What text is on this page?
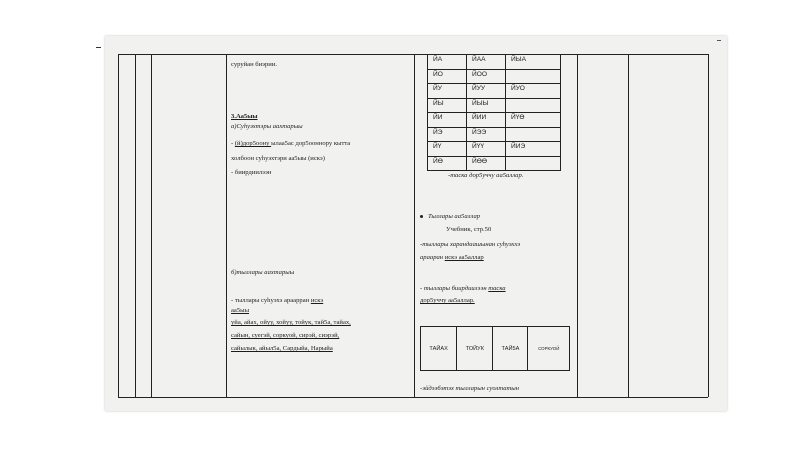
суруйан биэрии.
3.Аа5ыы
а)Суһуэхтэры аахтарыы
- (й)дор5оону ылаа5ас дор5ооннору кытта
холбоон суһуэхтэри аа5ыы (искэ)
- биирдиилээн
б)тыллары аахтарыы
- тыллары суһуэхэ араарран искэ
аа5ыы
уйа, айах, ойуу, хойуу, тойук, тай5а, тайах,
сайын, суегэй, соркуой, сирэй, сиэрэй,
сайылык, айыл5а, Сардыйа, Нарыйа
ЙА	ЙАА	ЙЫА
ЙО	ЙОО	
ЙУ	ЙУУ	ЙУО
ЙЫ	ЙЫЫ	
ЙИ	ЙИИ	ЙҮӨ
ЙЭ	ЙЭЭ	
ЙҮ	ЙҮҮ	ЙИЭ
ЙӨ	ЙӨӨ	
-таска дор5уччу аа5аллар.
Тыллары аа5аллар
Учебник, стр.50
-тыллары харандаашынан суһуэххэ
арааран искэ аа5аллар
- тыллары биирдиилээн таска
дор5уччу аа5аллар.
ТАЙАХ	ТОЙУК	ТАЙ5А	СОРКУОЙ
-эйдээбэтэх тылларын суолтатын
